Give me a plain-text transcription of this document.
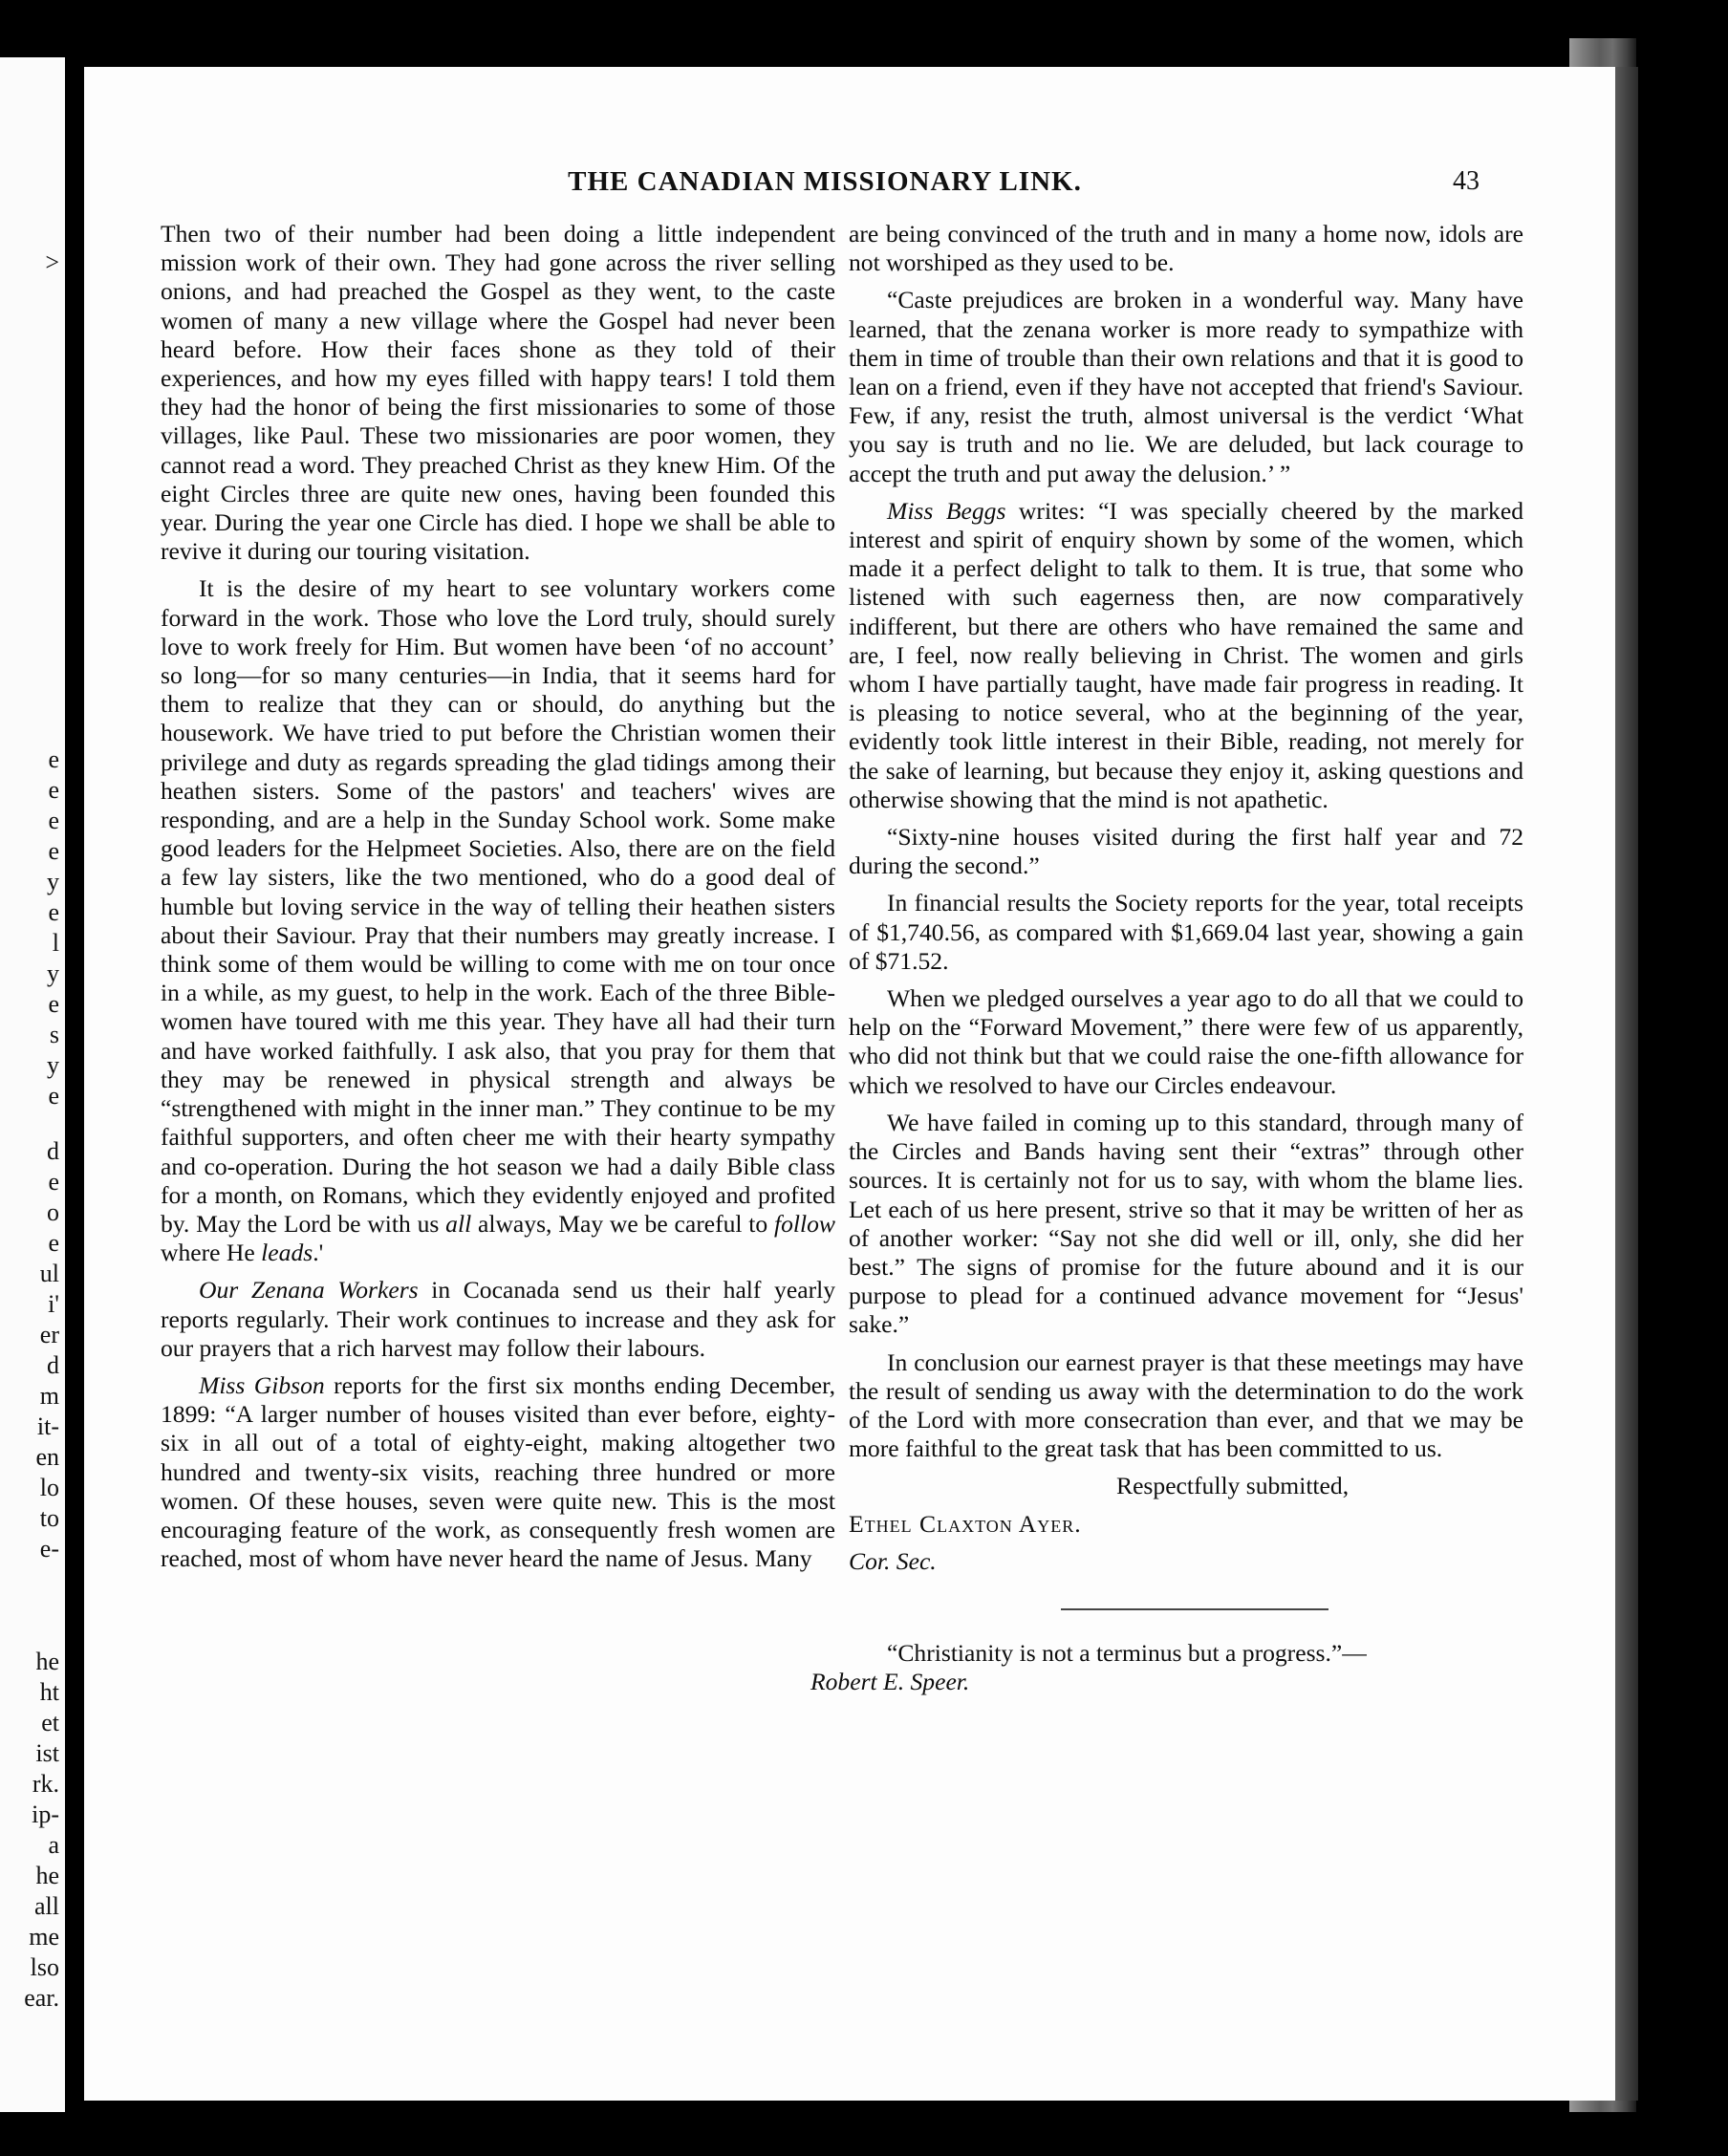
>
e
e
e
e
y
e
l
y
e
s
y
e
d
e
o
e
ul
i'
er
d
m
it-
en
lo
to
e-
he
ht
et
ist
rk.
ip-
a
he
all
me
lso
ear.
THE CANADIAN MISSIONARY LINK.	43

Then two of their number had been doing a little independent mission work of their own. They had gone across the river selling onions, and had preached the Gospel as they went, to the caste women of many a new village where the Gospel had never been heard before. How their faces shone as they told of their experiences, and how my eyes filled with happy tears! I told them they had the honor of being the first missionaries to some of those villages, like Paul. These two missionaries are poor women, they cannot read a word. They preached Christ as they knew Him. Of the eight Circles three are quite new ones, having been founded this year. During the year one Circle has died. I hope we shall be able to revive it during our touring visitation.

It is the desire of my heart to see voluntary workers come forward in the work. Those who love the Lord truly, should surely love to work freely for Him. But women have been ‘of no account’ so long—for so many centuries—in India, that it seems hard for them to realize that they can or should, do anything but the housework. We have tried to put before the Christian women their privilege and duty as regards spreading the glad tidings among their heathen sisters. Some of the pastors' and teachers' wives are responding, and are a help in the Sunday School work. Some make good leaders for the Helpmeet Societies. Also, there are on the field a few lay sisters, like the two mentioned, who do a good deal of humble but loving service in the way of telling their heathen sisters about their Saviour. Pray that their numbers may greatly increase. I think some of them would be willing to come with me on tour once in a while, as my guest, to help in the work. Each of the three Bible-women have toured with me this year. They have all had their turn and have worked faithfully. I ask also, that you pray for them that they may be renewed in physical strength and always be “strengthened with might in the inner man.” They continue to be my faithful supporters, and often cheer me with their hearty sympathy and co-operation. During the hot season we had a daily Bible class for a month, on Romans, which they evidently enjoyed and profited by. May the Lord be with us all always, May we be careful to follow where He leads.'

Our Zenana Workers in Cocanada send us their half yearly reports regularly. Their work continues to increase and they ask for our prayers that a rich harvest may follow their labours.

Miss Gibson reports for the first six months ending December, 1899: “A larger number of houses visited than ever before, eighty-six in all out of a total of eighty-eight, making altogether two hundred and twenty-six visits, reaching three hundred or more women. Of these houses, seven were quite new. This is the most encouraging feature of the work, as consequently fresh women are reached, most of whom have never heard the name of Jesus. Many

are being convinced of the truth and in many a home now, idols are not worshiped as they used to be.

“Caste prejudices are broken in a wonderful way. Many have learned, that the zenana worker is more ready to sympathize with them in time of trouble than their own relations and that it is good to lean on a friend, even if they have not accepted that friend's Saviour. Few, if any, resist the truth, almost universal is the verdict ‘What you say is truth and no lie. We are deluded, but lack courage to accept the truth and put away the delusion.’ ”

Miss Beggs writes: “I was specially cheered by the marked interest and spirit of enquiry shown by some of the women, which made it a perfect delight to talk to them. It is true, that some who listened with such eagerness then, are now comparatively indifferent, but there are others who have remained the same and are, I feel, now really believing in Christ. The women and girls whom I have partially taught, have made fair progress in reading. It is pleasing to notice several, who at the beginning of the year, evidently took little interest in their Bible, reading, not merely for the sake of learning, but because they enjoy it, asking questions and otherwise showing that the mind is not apathetic.

“Sixty-nine houses visited during the first half year and 72 during the second.”

In financial results the Society reports for the year, total receipts of $1,740.56, as compared with $1,669.04 last year, showing a gain of $71.52.

When we pledged ourselves a year ago to do all that we could to help on the “Forward Movement,” there were few of us apparently, who did not think but that we could raise the one-fifth allowance for which we resolved to have our Circles endeavour.

We have failed in coming up to this standard, through many of the Circles and Bands having sent their “extras” through other sources. It is certainly not for us to say, with whom the blame lies. Let each of us here present, strive so that it may be written of her as of another worker: “Say not she did well or ill, only, she did her best.” The signs of promise for the future abound and it is our purpose to plead for a continued advance movement for “Jesus' sake.”

In conclusion our earnest prayer is that these meetings may have the result of sending us away with the determination to do the work of the Lord with more consecration than ever, and that we may be more faithful to the great task that has been committed to us.

Respectfully submitted,

Ethel Claxton Ayer.

Cor. Sec.

“Christianity is not a terminus but a progress.”—
Robert E. Speer.
